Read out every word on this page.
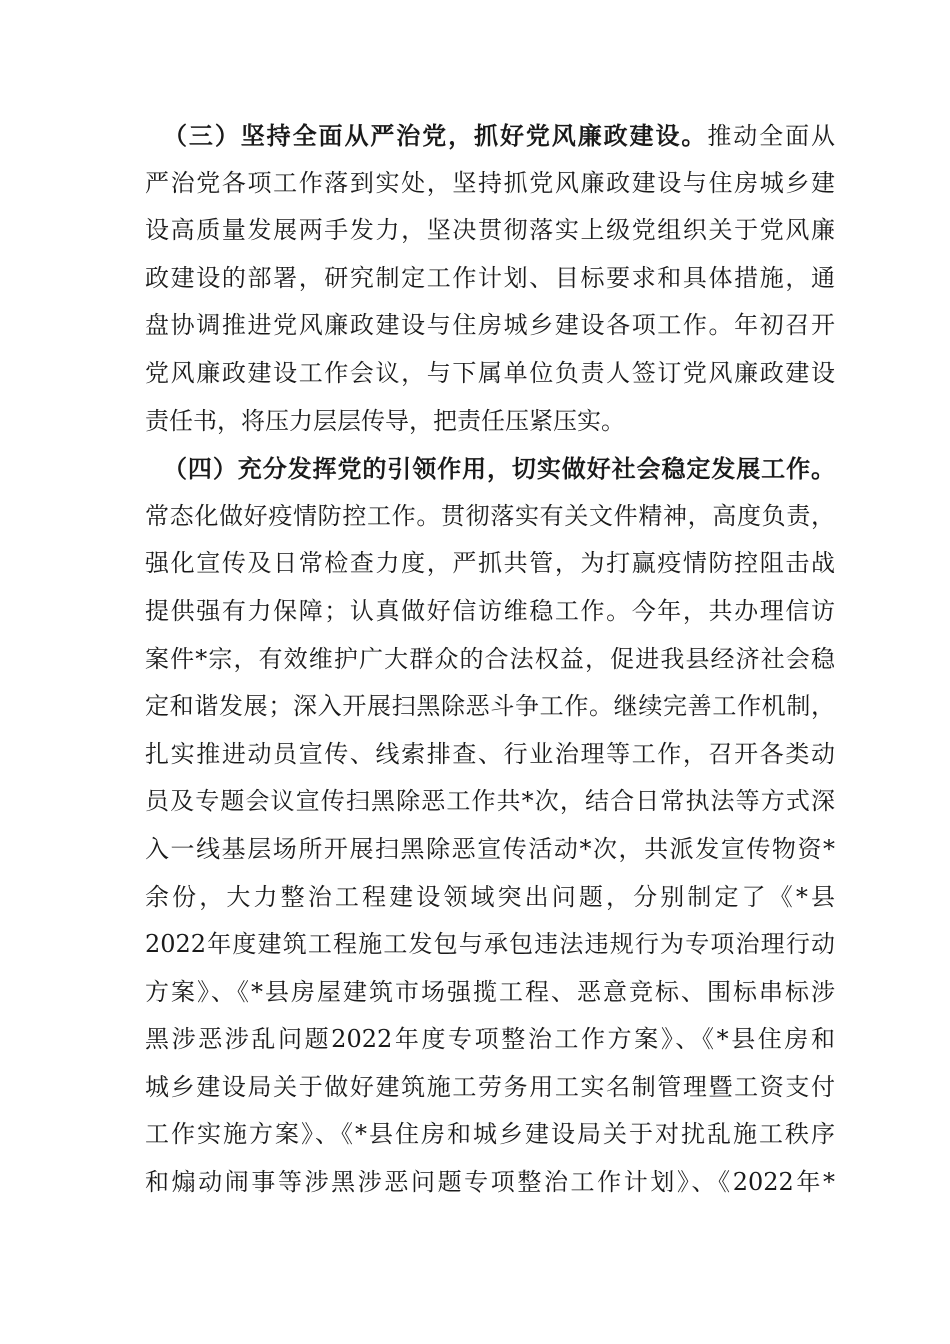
（三）坚持全面从严治党，抓好党风廉政建设。推动全面从
严治党各项工作落到实处，坚持抓党风廉政建设与住房城乡建
设高质量发展两手发力，坚决贯彻落实上级党组织关于党风廉
政建设的部署，研究制定工作计划、目标要求和具体措施，通
盘协调推进党风廉政建设与住房城乡建设各项工作。年初召开
党风廉政建设工作会议，与下属单位负责人签订党风廉政建设
责任书，将压力层层传导，把责任压紧压实。
（四）充分发挥党的引领作用，切实做好社会稳定发展工作。
常态化做好疫情防控工作。贯彻落实有关文件精神，高度负责，
强化宣传及日常检查力度，严抓共管，为打赢疫情防控阻击战
提供强有力保障；认真做好信访维稳工作。今年，共办理信访
案件*宗，有效维护广大群众的合法权益，促进我县经济社会稳
定和谐发展；深入开展扫黑除恶斗争工作。继续完善工作机制，
扎实推进动员宣传、线索排查、行业治理等工作，召开各类动
员及专题会议宣传扫黑除恶工作共*次，结合日常执法等方式深
入一线基层场所开展扫黑除恶宣传活动*次，共派发宣传物资*
余份，大力整治工程建设领域突出问题，分别制定了《*县
2022年度建筑工程施工发包与承包违法违规行为专项治理行动
方案》、《*县房屋建筑市场强揽工程、恶意竞标、围标串标涉
黑涉恶涉乱问题2022年度专项整治工作方案》、《*县住房和
城乡建设局关于做好建筑施工劳务用工实名制管理暨工资支付
工作实施方案》、《*县住房和城乡建设局关于对扰乱施工秩序
和煽动闹事等涉黑涉恶问题专项整治工作计划》、《2022年*
